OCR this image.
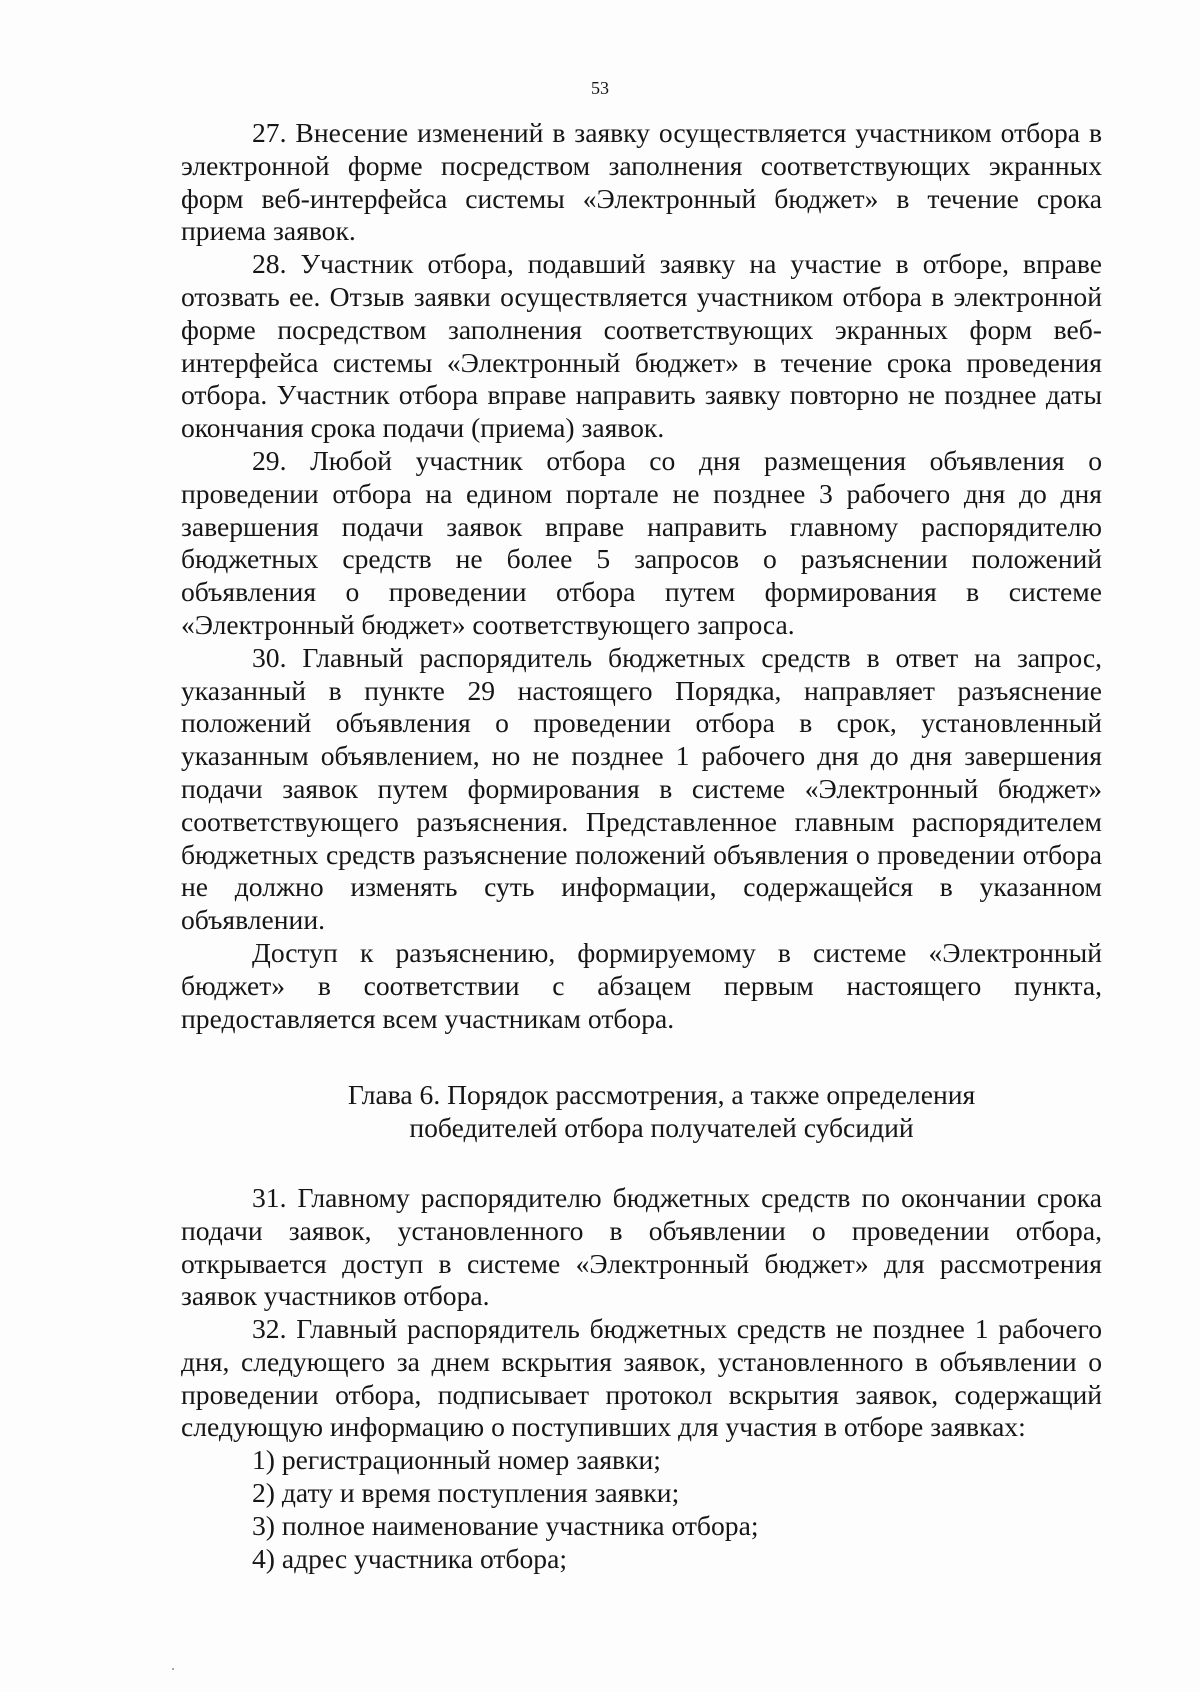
53

27. Внесение изменений в заявку осуществляется участником отбора в электронной форме посредством заполнения соответствующих экранных форм веб-интерфейса системы «Электронный бюджет» в течение срока приема заявок.

28. Участник отбора, подавший заявку на участие в отборе, вправе отозвать ее. Отзыв заявки осуществляется участником отбора в электронной форме посредством заполнения соответствующих экранных форм веб-интерфейса системы «Электронный бюджет» в течение срока проведения отбора. Участник отбора вправе направить заявку повторно не позднее даты окончания срока подачи (приема) заявок.

29. Любой участник отбора со дня размещения объявления о проведении отбора на едином портале не позднее 3 рабочего дня до дня завершения подачи заявок вправе направить главному распорядителю бюджетных средств не более 5 запросов о разъяснении положений объявления о проведении отбора путем формирования в системе «Электронный бюджет» соответствующего запроса.

30. Главный распорядитель бюджетных средств в ответ на запрос, указанный в пункте 29 настоящего Порядка, направляет разъяснение положений объявления о проведении отбора в срок, установленный указанным объявлением, но не позднее 1 рабочего дня до дня завершения подачи заявок путем формирования в системе «Электронный бюджет» соответствующего разъяснения. Представленное главным распорядителем бюджетных средств разъяснение положений объявления о проведении отбора не должно изменять суть информации, содержащейся в указанном объявлении.

Доступ к разъяснению, формируемому в системе «Электронный бюджет» в соответствии с абзацем первым настоящего пункта, предоставляется всем участникам отбора.

Глава 6. Порядок рассмотрения, а также определения
победителей отбора получателей субсидий

31. Главному распорядителю бюджетных средств по окончании срока подачи заявок, установленного в объявлении о проведении отбора, открывается доступ в системе «Электронный бюджет» для рассмотрения заявок участников отбора.

32. Главный распорядитель бюджетных средств не позднее 1 рабочего дня, следующего за днем вскрытия заявок, установленного в объявлении о проведении отбора, подписывает протокол вскрытия заявок, содержащий следующую информацию о поступивших для участия в отборе заявках:

1) регистрационный номер заявки;

2) дату и время поступления заявки;

3) полное наименование участника отбора;

4) адрес участника отбора;
